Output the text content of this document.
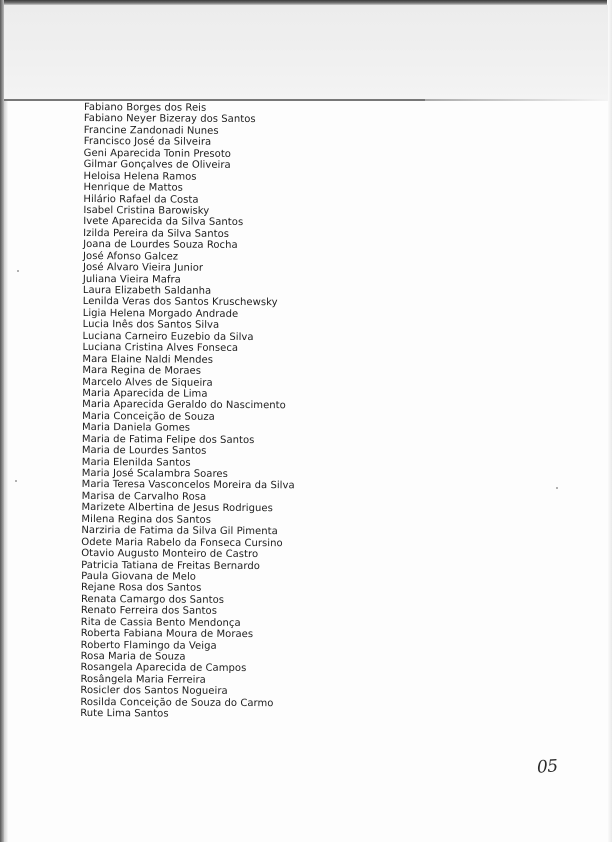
Fabiano Borges dos Reis
Fabiano Neyer Bizeray dos Santos
Francine Zandonadi Nunes
Francisco José da Silveira
Geni Aparecida Tonin Presoto
Gilmar Gonçalves de Oliveira
Heloisa Helena Ramos
Henrique de Mattos
Hilário Rafael da Costa
Isabel Cristina Barowisky
Ivete Aparecida da Silva Santos
Izilda Pereira da Silva Santos
Joana de Lourdes Souza Rocha
José Afonso Galcez
José Alvaro Vieira Junior
Juliana Vieira Mafra
Laura Elizabeth Saldanha
Lenilda Veras dos Santos Kruschewsky
Ligia Helena Morgado Andrade
Lucia Inês dos Santos Silva
Luciana Carneiro Euzebio da Silva
Luciana Cristina Alves Fonseca
Mara Elaine Naldi Mendes
Mara Regina de Moraes
Marcelo Alves de Siqueira
Maria Aparecida de Lima
Maria Aparecida Geraldo do Nascimento
Maria Conceição de Souza
Maria Daniela Gomes
Maria de Fatima Felipe dos Santos
Maria de Lourdes Santos
Maria Elenilda Santos
Maria José Scalambra Soares
Maria Teresa Vasconcelos Moreira da Silva
Marisa de Carvalho Rosa
Marizete Albertina de Jesus Rodrigues
Milena Regina dos Santos
Narziria de Fatima da Silva Gil Pimenta
Odete Maria Rabelo da Fonseca Cursino
Otavio Augusto Monteiro de Castro
Patricia Tatiana de Freitas Bernardo
Paula Giovana de Melo
Rejane Rosa dos Santos
Renata Camargo dos Santos
Renato Ferreira dos Santos
Rita de Cassia Bento Mendonça
Roberta Fabiana Moura de Moraes
Roberto Flamingo da Veiga
Rosa Maria de Souza
Rosangela Aparecida de Campos
Rosângela Maria Ferreira
Rosicler dos Santos Nogueira
Rosilda Conceição de Souza do Carmo
Rute Lima Santos
05
